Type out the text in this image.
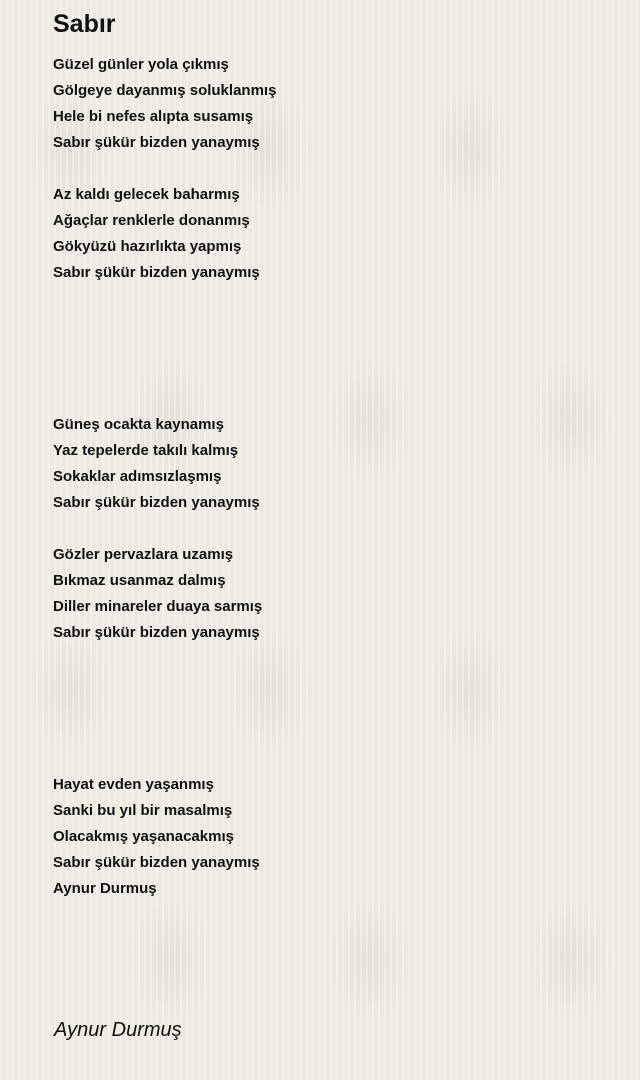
Sabır
Güzel günler yola çıkmış
Gölgeye dayanmış soluklanmış
Hele bi nefes alıpta susamış
Sabır şükür bizden yanaymış
Az kaldı gelecek baharmış
Ağaçlar renklerle donanmış
Gökyüzü hazırlıkta yapmış
Sabır şükür bizden yanaymış
Güneş ocakta kaynamış
Yaz tepelerde takılı kalmış
Sokaklar adımsızlaşmış
Sabır şükür bizden yanaymış
Gözler pervazlara uzamış
Bıkmaz usanmaz dalmış
Diller minareler duaya sarmış
Sabır şükür bizden yanaymış
Hayat evden yaşanmış
Sanki bu yıl bir masalmış
Olacakmış yaşanacakmış
Sabır şükür bizden yanaymış
Aynur Durmuş
Aynur Durmuş
